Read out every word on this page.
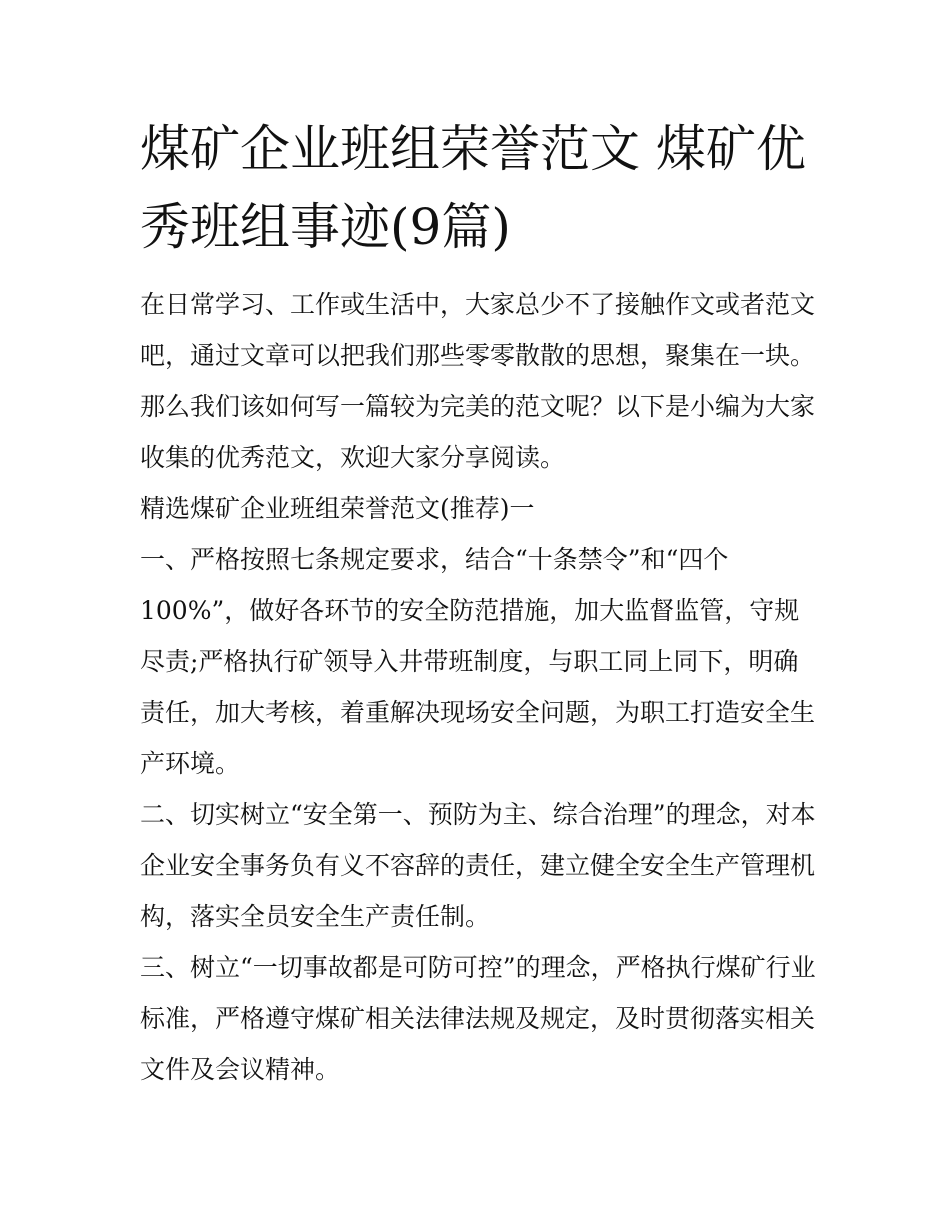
煤矿企业班组荣誉范文 煤矿优秀班组事迹(9篇)

在日常学习、工作或生活中，大家总少不了接触作文或者范文吧，通过文章可以把我们那些零零散散的思想，聚集在一块。那么我们该如何写一篇较为完美的范文呢？以下是小编为大家收集的优秀范文，欢迎大家分享阅读。

精选煤矿企业班组荣誉范文(推荐)一

一、严格按照七条规定要求，结合“十条禁令”和“四个100%”，做好各环节的安全防范措施，加大监督监管，守规尽责;严格执行矿领导入井带班制度，与职工同上同下，明确责任，加大考核，着重解决现场安全问题，为职工打造安全生产环境。

二、切实树立“安全第一、预防为主、综合治理”的理念，对本企业安全事务负有义不容辞的责任，建立健全安全生产管理机构，落实全员安全生产责任制。

三、树立“一切事故都是可防可控”的理念，严格执行煤矿行业标准，严格遵守煤矿相关法律法规及规定，及时贯彻落实相关文件及会议精神。
